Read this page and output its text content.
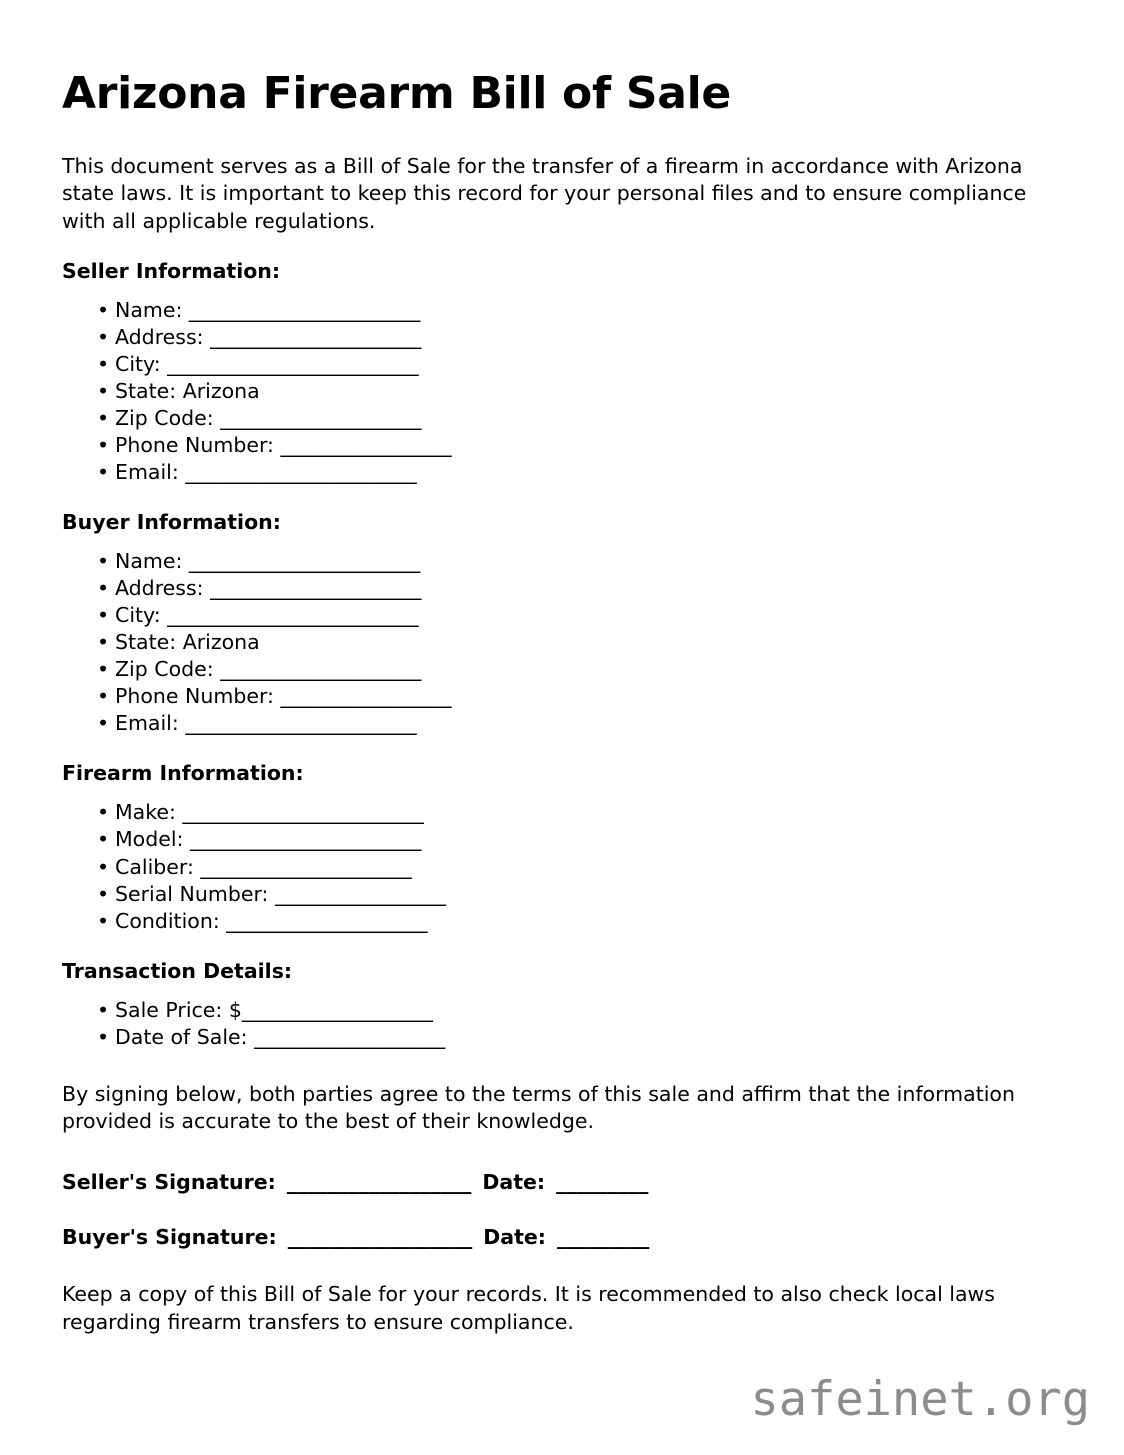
Arizona Firearm Bill of Sale

This document serves as a Bill of Sale for the transfer of a firearm in accordance with Arizona state laws. It is important to keep this record for your personal files and to ensure compliance with all applicable regulations.

Seller Information:
• Name: _______________________
• Address: _____________________
• City: _________________________
• State: Arizona
• Zip Code: ____________________
• Phone Number: _________________
• Email: _______________________
Buyer Information:
• Name: _______________________
• Address: _____________________
• City: _________________________
• State: Arizona
• Zip Code: ____________________
• Phone Number: _________________
• Email: _______________________
Firearm Information:
• Make: ________________________
• Model: _______________________
• Caliber: _____________________
• Serial Number: _________________
• Condition: ____________________
Transaction Details:
• Sale Price: $___________________
• Date of Sale: ___________________

By signing below, both parties agree to the terms of this sale and affirm that the information provided is accurate to the best of their knowledge.

Seller's Signature: __________________ Date: _________

Buyer's Signature: __________________ Date: _________

Keep a copy of this Bill of Sale for your records. It is recommended to also check local laws regarding firearm transfers to ensure compliance.

safeinet.org
